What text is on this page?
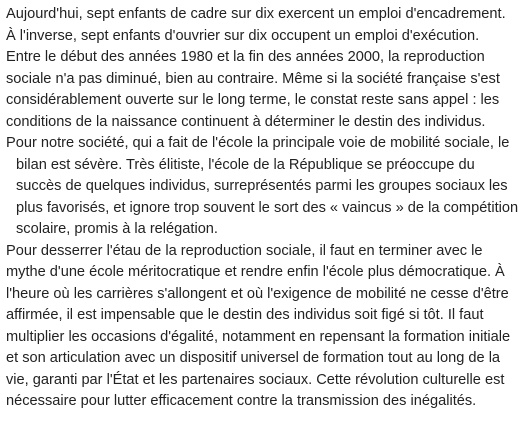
Aujourd'hui, sept enfants de cadre sur dix exercent un emploi d'encadrement.
À l'inverse, sept enfants d'ouvrier sur dix occupent un emploi d'exécution.
Entre le début des années 1980 et la fin des années 2000, la reproduction
sociale n'a pas diminué, bien au contraire. Même si la société française s'est
considérablement ouverte sur le long terme, le constat reste sans appel : les
conditions de la naissance continuent à déterminer le destin des individus.
Pour notre société, qui a fait de l'école la principale voie de mobilité sociale, le
bilan est sévère. Très élitiste, l'école de la République se préoccupe du
succès de quelques individus, surreprésentés parmi les groupes sociaux les
plus favorisés, et ignore trop souvent le sort des « vaincus » de la compétition
scolaire, promis à la relégation.
Pour desserrer l'étau de la reproduction sociale, il faut en terminer avec le
mythe d'une école méritocratique et rendre enfin l'école plus démocratique. À
l'heure où les carrières s'allongent et où l'exigence de mobilité ne cesse d'être
affirmée, il est impensable que le destin des individus soit figé si tôt. Il faut
multiplier les occasions d'égalité, notamment en repensant la formation initiale
et son articulation avec un dispositif universel de formation tout au long de la
vie, garanti par l'État et les partenaires sociaux. Cette révolution culturelle est
nécessaire pour lutter efficacement contre la transmission des inégalités.
